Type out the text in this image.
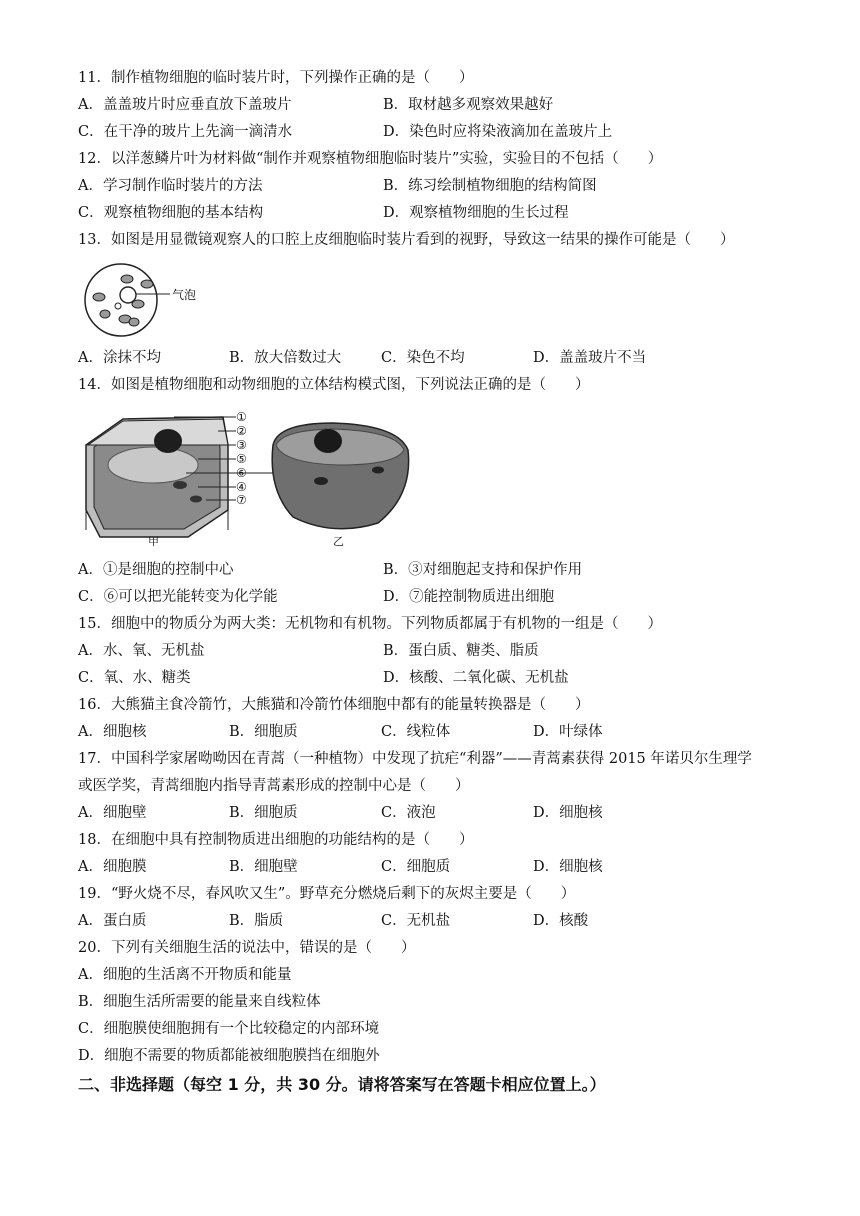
11．制作植物细胞的临时装片时，下列操作正确的是（　　）
A．盖盖玻片时应垂直放下盖玻片	B．取材越多观察效果越好
C．在干净的玻片上先滴一滴清水	D．染色时应将染液滴加在盖玻片上
12．以洋葱鳞片叶为材料做“制作并观察植物细胞临时装片”实验，实验目的不包括（　　）
A．学习制作临时装片的方法	B．练习绘制植物细胞的结构简图
C．观察植物细胞的基本结构	D．观察植物细胞的生长过程
13．如图是用显微镜观察人的口腔上皮细胞临时装片看到的视野，导致这一结果的操作可能是（　　）
气泡
A．涂抹不均	B．放大倍数过大	C．染色不均	D．盖盖玻片不当
14．如图是植物细胞和动物细胞的立体结构模式图，下列说法正确的是（　　）
①
②
③
⑤
⑥
④
⑦
甲	乙
A．①是细胞的控制中心	B．③对细胞起支持和保护作用
C．⑥可以把光能转变为化学能	D．⑦能控制物质进出细胞
15．细胞中的物质分为两大类：无机物和有机物。下列物质都属于有机物的一组是（　　）
A．水、氧、无机盐	B．蛋白质、糖类、脂质
C．氧、水、糖类	D．核酸、二氧化碳、无机盐
16．大熊猫主食冷箭竹，大熊猫和冷箭竹体细胞中都有的能量转换器是（　　）
A．细胞核	B．细胞质	C．线粒体	D．叶绿体
17．中国科学家屠呦呦因在青蒿（一种植物）中发现了抗疟“利器”——青蒿素获得 2015 年诺贝尔生理学
或医学奖，青蒿细胞内指导青蒿素形成的控制中心是（　　）
A．细胞壁	B．细胞质	C．液泡	D．细胞核
18．在细胞中具有控制物质进出细胞的功能结构的是（　　）
A．细胞膜	B．细胞壁	C．细胞质	D．细胞核
19．“野火烧不尽，春风吹又生”。野草充分燃烧后剩下的灰烬主要是（　　）
A．蛋白质	B．脂质	C．无机盐	D．核酸
20．下列有关细胞生活的说法中，错误的是（　　）
A．细胞的生活离不开物质和能量
B．细胞生活所需要的能量来自线粒体
C．细胞膜使细胞拥有一个比较稳定的内部环境
D．细胞不需要的物质都能被细胞膜挡在细胞外
二、非选择题（每空 1 分，共 30 分。请将答案写在答题卡相应位置上。）
